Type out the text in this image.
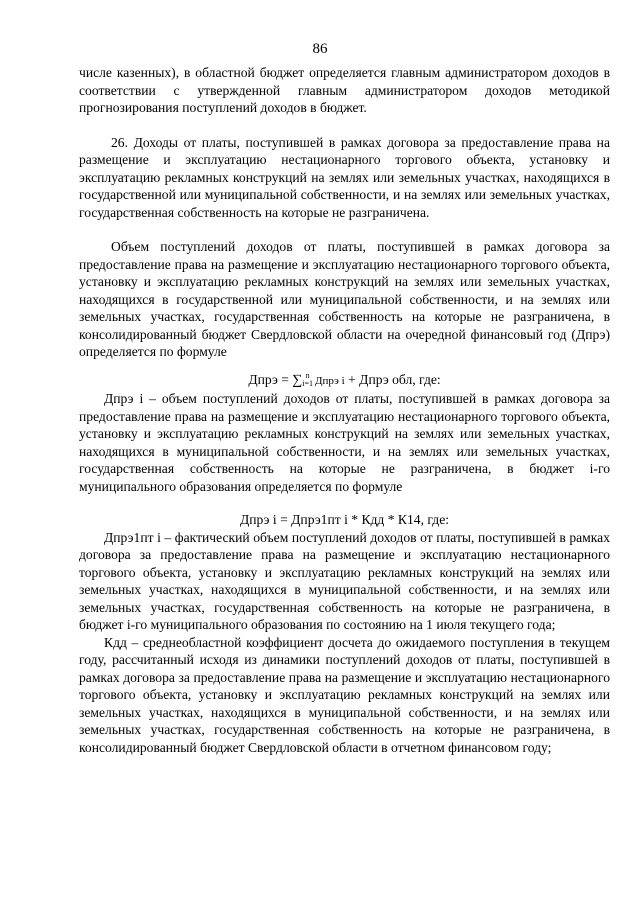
86

числе казенных), в областной бюджет определяется главным администратором доходов в соответствии с утвержденной главным администратором доходов методикой прогнозирования поступлений доходов в бюджет.

26. Доходы от платы, поступившей в рамках договора за предоставление права на размещение и эксплуатацию нестационарного торгового объекта, установку и эксплуатацию рекламных конструкций на землях или земельных участках, находящихся в государственной или муниципальной собственности, и на землях или земельных участках, государственная собственность на которые не разграничена.

Объем поступлений доходов от платы, поступившей в рамках договора за предоставление права на размещение и эксплуатацию нестационарного торгового объекта, установку и эксплуатацию рекламных конструкций на землях или земельных участках, находящихся в государственной или муниципальной собственности, и на землях или земельных участках, государственная собственность на которые не разграничена, в консолидированный бюджет Свердловской области на очередной финансовый год (Дпрэ) определяется по формуле

Дпрэ = ∑ n
i=1 Дпрэ i + Дпрэ обл, где:

Дпрэ i – объем поступлений доходов от платы, поступившей в рамках договора за предоставление права на размещение и эксплуатацию нестационарного торгового объекта, установку и эксплуатацию рекламных конструкций на землях или земельных участках, находящихся в муниципальной собственности, и на землях или земельных участках, государственная собственность на которые не разграничена, в бюджет i-го муниципального образования определяется по формуле

Дпрэ i = Дпрэ1пт i * Кдд * К14, где:

Дпрэ1пт i – фактический объем поступлений доходов от платы, поступившей в рамках договора за предоставление права на размещение и эксплуатацию нестационарного торгового объекта, установку и эксплуатацию рекламных конструкций на землях или земельных участках, находящихся в муниципальной собственности, и на землях или земельных участках, государственная собственность на которые не разграничена, в бюджет i-го муниципального образования по состоянию на 1 июля текущего года;

Кдд – среднеобластной коэффициент досчета до ожидаемого поступления в текущем году, рассчитанный исходя из динамики поступлений доходов от платы, поступившей в рамках договора за предоставление права на размещение и эксплуатацию нестационарного торгового объекта, установку и эксплуатацию рекламных конструкций на землях или земельных участках, находящихся в муниципальной собственности, и на землях или земельных участках, государственная собственность на которые не разграничена, в консолидированный бюджет Свердловской области в отчетном финансовом году;
